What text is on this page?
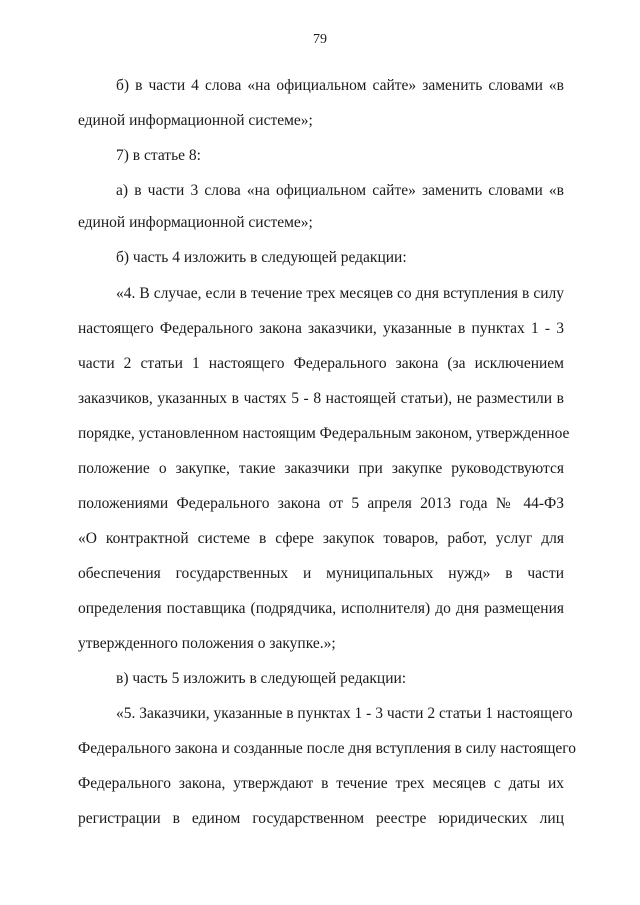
79
б) в части 4 слова «на официальном сайте» заменить словами «в
единой информационной системе»;
7) в статье 8:
а) в части 3 слова «на официальном сайте» заменить словами «в
единой информационной системе»;
б) часть 4 изложить в следующей редакции:
«4. В случае, если в течение трех месяцев со дня вступления в силу
настоящего Федерального закона заказчики, указанные в пунктах 1 - 3
части 2 статьи 1 настоящего Федерального закона (за исключением
заказчиков, указанных в частях 5 - 8 настоящей статьи), не разместили в
порядке, установленном настоящим Федеральным законом, утвержденное
положение о закупке, такие заказчики при закупке руководствуются
положениями Федерального закона от 5 апреля 2013 года № 44-ФЗ
«О контрактной системе в сфере закупок товаров, работ, услуг для
обеспечения государственных и муниципальных нужд» в части
определения поставщика (подрядчика, исполнителя) до дня размещения
утвержденного положения о закупке.»;
в) часть 5 изложить в следующей редакции:
«5. Заказчики, указанные в пунктах 1 - 3 части 2 статьи 1 настоящего
Федерального закона и созданные после дня вступления в силу настоящего
Федерального закона, утверждают в течение трех месяцев с даты их
регистрации в едином государственном реестре юридических лиц
